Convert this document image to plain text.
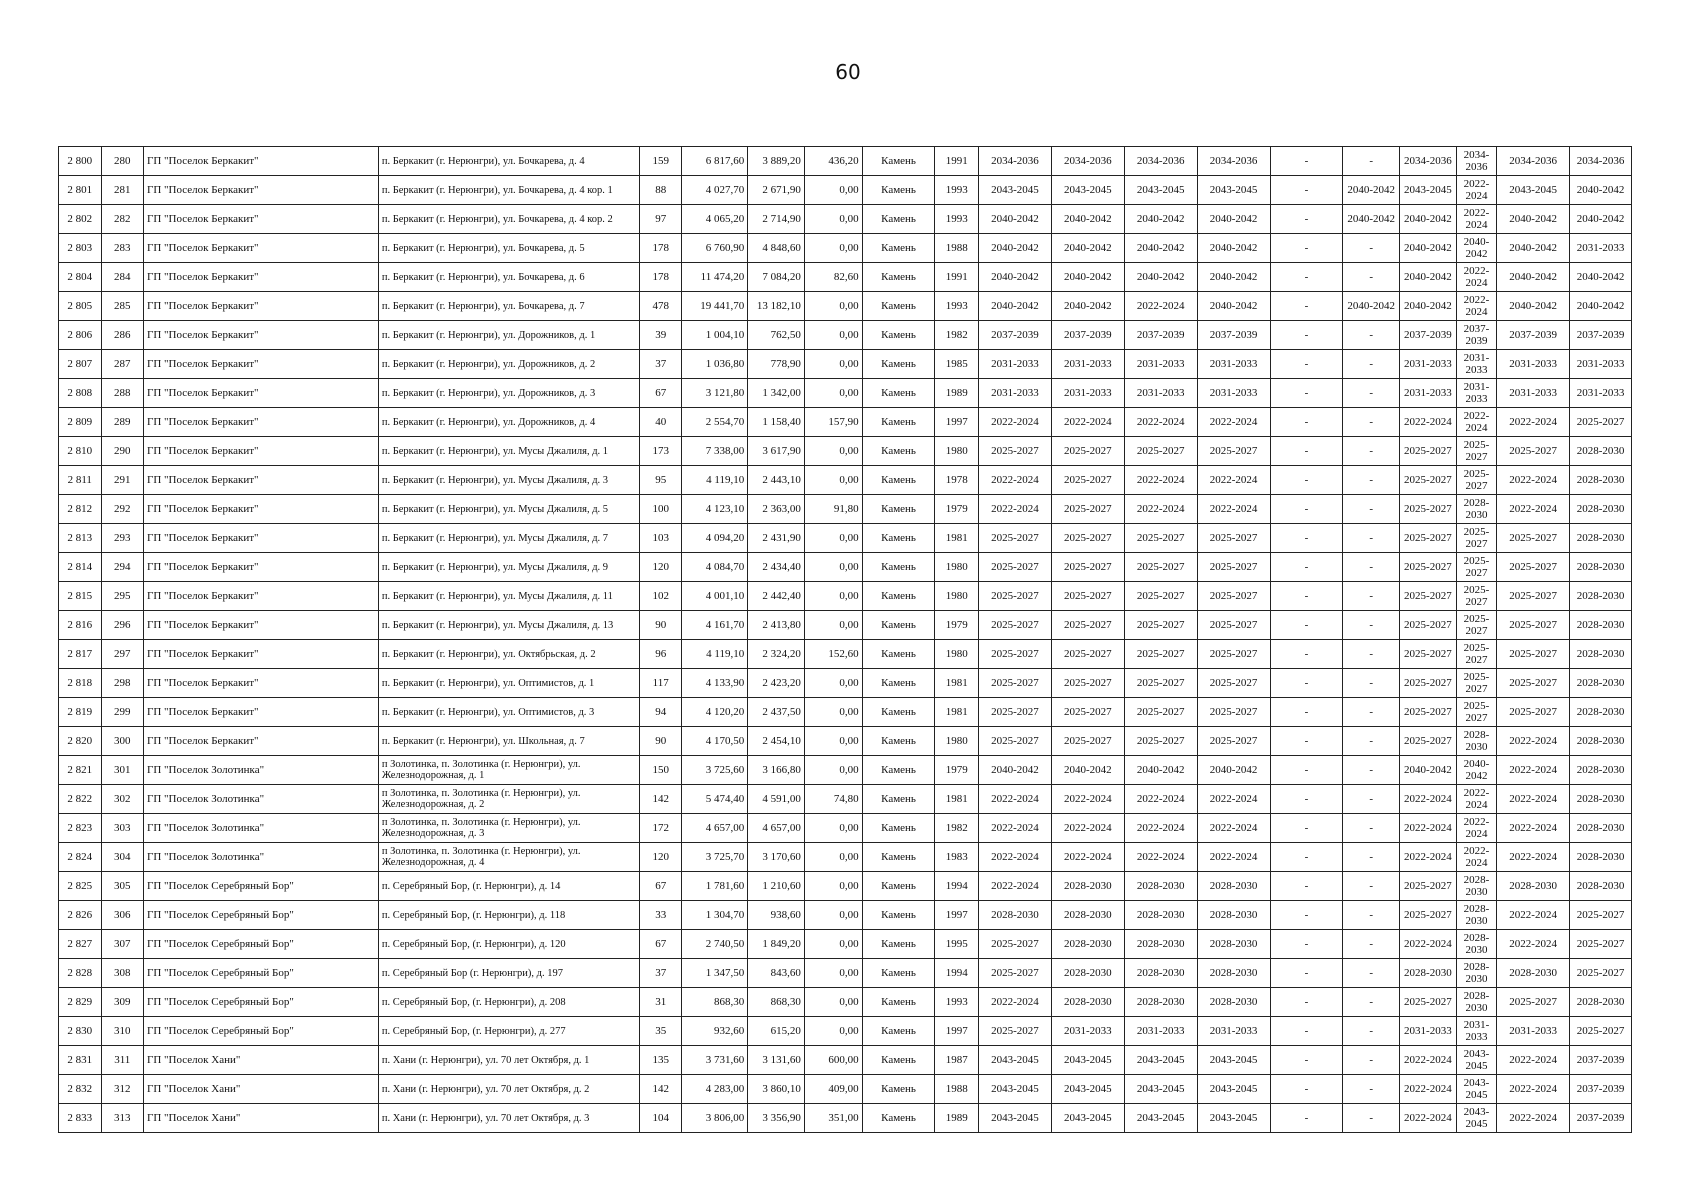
60
2 800	280	ГП "Поселок Беркакит"	п. Беркакит (г. Нерюнгри), ул. Бочкарева, д. 4	159	6 817,60	3 889,20	436,20	Камень	1991	2034-2036	2034-2036	2034-2036	2034-2036	-	-	2034-2036	2034-2036	2034-2036	2034-2036
2 801	281	ГП "Поселок Беркакит"	п. Беркакит (г. Нерюнгри), ул. Бочкарева, д. 4 кор. 1	88	4 027,70	2 671,90	0,00	Камень	1993	2043-2045	2043-2045	2043-2045	2043-2045	-	2040-2042	2043-2045	2022-2024	2043-2045	2040-2042
2 802	282	ГП "Поселок Беркакит"	п. Беркакит (г. Нерюнгри), ул. Бочкарева, д. 4 кор. 2	97	4 065,20	2 714,90	0,00	Камень	1993	2040-2042	2040-2042	2040-2042	2040-2042	-	2040-2042	2040-2042	2022-2024	2040-2042	2040-2042
2 803	283	ГП "Поселок Беркакит"	п. Беркакит (г. Нерюнгри), ул. Бочкарева, д. 5	178	6 760,90	4 848,60	0,00	Камень	1988	2040-2042	2040-2042	2040-2042	2040-2042	-	-	2040-2042	2040-2042	2040-2042	2031-2033
2 804	284	ГП "Поселок Беркакит"	п. Беркакит (г. Нерюнгри), ул. Бочкарева, д. 6	178	11 474,20	7 084,20	82,60	Камень	1991	2040-2042	2040-2042	2040-2042	2040-2042	-	-	2040-2042	2022-2024	2040-2042	2040-2042
2 805	285	ГП "Поселок Беркакит"	п. Беркакит (г. Нерюнгри), ул. Бочкарева, д. 7	478	19 441,70	13 182,10	0,00	Камень	1993	2040-2042	2040-2042	2022-2024	2040-2042	-	2040-2042	2040-2042	2022-2024	2040-2042	2040-2042
2 806	286	ГП "Поселок Беркакит"	п. Беркакит (г. Нерюнгри), ул. Дорожников, д. 1	39	1 004,10	762,50	0,00	Камень	1982	2037-2039	2037-2039	2037-2039	2037-2039	-	-	2037-2039	2037-2039	2037-2039	2037-2039
2 807	287	ГП "Поселок Беркакит"	п. Беркакит (г. Нерюнгри), ул. Дорожников, д. 2	37	1 036,80	778,90	0,00	Камень	1985	2031-2033	2031-2033	2031-2033	2031-2033	-	-	2031-2033	2031-2033	2031-2033	2031-2033
2 808	288	ГП "Поселок Беркакит"	п. Беркакит (г. Нерюнгри), ул. Дорожников, д. 3	67	3 121,80	1 342,00	0,00	Камень	1989	2031-2033	2031-2033	2031-2033	2031-2033	-	-	2031-2033	2031-2033	2031-2033	2031-2033
2 809	289	ГП "Поселок Беркакит"	п. Беркакит (г. Нерюнгри), ул. Дорожников, д. 4	40	2 554,70	1 158,40	157,90	Камень	1997	2022-2024	2022-2024	2022-2024	2022-2024	-	-	2022-2024	2022-2024	2022-2024	2025-2027
2 810	290	ГП "Поселок Беркакит"	п. Беркакит (г. Нерюнгри), ул. Мусы Джалиля, д. 1	173	7 338,00	3 617,90	0,00	Камень	1980	2025-2027	2025-2027	2025-2027	2025-2027	-	-	2025-2027	2025-2027	2025-2027	2028-2030
2 811	291	ГП "Поселок Беркакит"	п. Беркакит (г. Нерюнгри), ул. Мусы Джалиля, д. 3	95	4 119,10	2 443,10	0,00	Камень	1978	2022-2024	2025-2027	2022-2024	2022-2024	-	-	2025-2027	2025-2027	2022-2024	2028-2030
2 812	292	ГП "Поселок Беркакит"	п. Беркакит (г. Нерюнгри), ул. Мусы Джалиля, д. 5	100	4 123,10	2 363,00	91,80	Камень	1979	2022-2024	2025-2027	2022-2024	2022-2024	-	-	2025-2027	2028-2030	2022-2024	2028-2030
2 813	293	ГП "Поселок Беркакит"	п. Беркакит (г. Нерюнгри), ул. Мусы Джалиля, д. 7	103	4 094,20	2 431,90	0,00	Камень	1981	2025-2027	2025-2027	2025-2027	2025-2027	-	-	2025-2027	2025-2027	2025-2027	2028-2030
2 814	294	ГП "Поселок Беркакит"	п. Беркакит (г. Нерюнгри), ул. Мусы Джалиля, д. 9	120	4 084,70	2 434,40	0,00	Камень	1980	2025-2027	2025-2027	2025-2027	2025-2027	-	-	2025-2027	2025-2027	2025-2027	2028-2030
2 815	295	ГП "Поселок Беркакит"	п. Беркакит (г. Нерюнгри), ул. Мусы Джалиля, д. 11	102	4 001,10	2 442,40	0,00	Камень	1980	2025-2027	2025-2027	2025-2027	2025-2027	-	-	2025-2027	2025-2027	2025-2027	2028-2030
2 816	296	ГП "Поселок Беркакит"	п. Беркакит (г. Нерюнгри), ул. Мусы Джалиля, д. 13	90	4 161,70	2 413,80	0,00	Камень	1979	2025-2027	2025-2027	2025-2027	2025-2027	-	-	2025-2027	2025-2027	2025-2027	2028-2030
2 817	297	ГП "Поселок Беркакит"	п. Беркакит (г. Нерюнгри), ул. Октябрьская, д. 2	96	4 119,10	2 324,20	152,60	Камень	1980	2025-2027	2025-2027	2025-2027	2025-2027	-	-	2025-2027	2025-2027	2025-2027	2028-2030
2 818	298	ГП "Поселок Беркакит"	п. Беркакит (г. Нерюнгри), ул. Оптимистов, д. 1	117	4 133,90	2 423,20	0,00	Камень	1981	2025-2027	2025-2027	2025-2027	2025-2027	-	-	2025-2027	2025-2027	2025-2027	2028-2030
2 819	299	ГП "Поселок Беркакит"	п. Беркакит (г. Нерюнгри), ул. Оптимистов, д. 3	94	4 120,20	2 437,50	0,00	Камень	1981	2025-2027	2025-2027	2025-2027	2025-2027	-	-	2025-2027	2025-2027	2025-2027	2028-2030
2 820	300	ГП "Поселок Беркакит"	п. Беркакит (г. Нерюнгри), ул. Школьная, д. 7	90	4 170,50	2 454,10	0,00	Камень	1980	2025-2027	2025-2027	2025-2027	2025-2027	-	-	2025-2027	2028-2030	2022-2024	2028-2030
2 821	301	ГП "Поселок Золотинка"	п Золотинка, п. Золотинка (г. Нерюнгри), ул. Железнодорожная, д. 1	150	3 725,60	3 166,80	0,00	Камень	1979	2040-2042	2040-2042	2040-2042	2040-2042	-	-	2040-2042	2040-2042	2022-2024	2028-2030
2 822	302	ГП "Поселок Золотинка"	п Золотинка, п. Золотинка (г. Нерюнгри), ул. Железнодорожная, д. 2	142	5 474,40	4 591,00	74,80	Камень	1981	2022-2024	2022-2024	2022-2024	2022-2024	-	-	2022-2024	2022-2024	2022-2024	2028-2030
2 823	303	ГП "Поселок Золотинка"	п Золотинка, п. Золотинка (г. Нерюнгри), ул. Железнодорожная, д. 3	172	4 657,00	4 657,00	0,00	Камень	1982	2022-2024	2022-2024	2022-2024	2022-2024	-	-	2022-2024	2022-2024	2022-2024	2028-2030
2 824	304	ГП "Поселок Золотинка"	п Золотинка, п. Золотинка (г. Нерюнгри), ул. Железнодорожная, д. 4	120	3 725,70	3 170,60	0,00	Камень	1983	2022-2024	2022-2024	2022-2024	2022-2024	-	-	2022-2024	2022-2024	2022-2024	2028-2030
2 825	305	ГП "Поселок Серебряный Бор"	п. Серебряный Бор, (г. Нерюнгри), д. 14	67	1 781,60	1 210,60	0,00	Камень	1994	2022-2024	2028-2030	2028-2030	2028-2030	-	-	2025-2027	2028-2030	2028-2030	2028-2030
2 826	306	ГП "Поселок Серебряный Бор"	п. Серебряный Бор, (г. Нерюнгри), д. 118	33	1 304,70	938,60	0,00	Камень	1997	2028-2030	2028-2030	2028-2030	2028-2030	-	-	2025-2027	2028-2030	2022-2024	2025-2027
2 827	307	ГП "Поселок Серебряный Бор"	п. Серебряный Бор, (г. Нерюнгри), д. 120	67	2 740,50	1 849,20	0,00	Камень	1995	2025-2027	2028-2030	2028-2030	2028-2030	-	-	2022-2024	2028-2030	2022-2024	2025-2027
2 828	308	ГП "Поселок Серебряный Бор"	п. Серебряный Бор (г. Нерюнгри), д. 197	37	1 347,50	843,60	0,00	Камень	1994	2025-2027	2028-2030	2028-2030	2028-2030	-	-	2028-2030	2028-2030	2028-2030	2025-2027
2 829	309	ГП "Поселок Серебряный Бор"	п. Серебряный Бор, (г. Нерюнгри), д. 208	31	868,30	868,30	0,00	Камень	1993	2022-2024	2028-2030	2028-2030	2028-2030	-	-	2025-2027	2028-2030	2025-2027	2028-2030
2 830	310	ГП "Поселок Серебряный Бор"	п. Серебряный Бор, (г. Нерюнгри), д. 277	35	932,60	615,20	0,00	Камень	1997	2025-2027	2031-2033	2031-2033	2031-2033	-	-	2031-2033	2031-2033	2031-2033	2025-2027
2 831	311	ГП "Поселок Хани"	п. Хани (г. Нерюнгри), ул. 70 лет Октября, д. 1	135	3 731,60	3 131,60	600,00	Камень	1987	2043-2045	2043-2045	2043-2045	2043-2045	-	-	2022-2024	2043-2045	2022-2024	2037-2039
2 832	312	ГП "Поселок Хани"	п. Хани (г. Нерюнгри), ул. 70 лет Октября, д. 2	142	4 283,00	3 860,10	409,00	Камень	1988	2043-2045	2043-2045	2043-2045	2043-2045	-	-	2022-2024	2043-2045	2022-2024	2037-2039
2 833	313	ГП "Поселок Хани"	п. Хани (г. Нерюнгри), ул. 70 лет Октября, д. 3	104	3 806,00	3 356,90	351,00	Камень	1989	2043-2045	2043-2045	2043-2045	2043-2045	-	-	2022-2024	2043-2045	2022-2024	2037-2039
